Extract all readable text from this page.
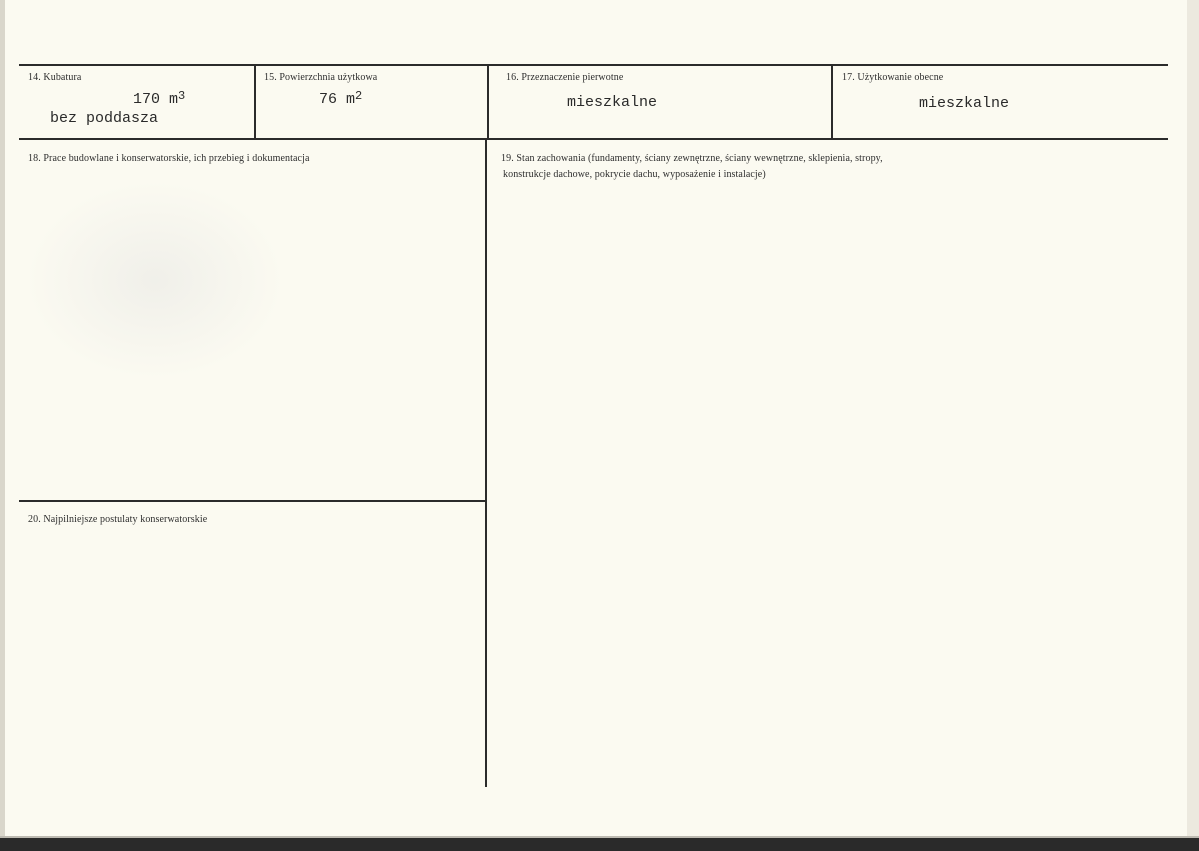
14. Kubatura
170 $m^3$
bez poddasza
15. Powierzchnia użytkowa
76 $m^2$
16. Przeznaczenie pierwotne
mieszkalne
17. Użytkowanie obecne
mieszkalne
18. Prace budowlane i konserwatorskie, ich przebieg i dokumentacja	19. Stan zachowania (fundamenty, ściany zewnętrzne, ściany wewnętrzne, sklepienia, stropy,
konstrukcje dachowe, pokrycie dachu, wyposażenie i instalacje)
20. Najpilniejsze postulaty konserwatorskie
